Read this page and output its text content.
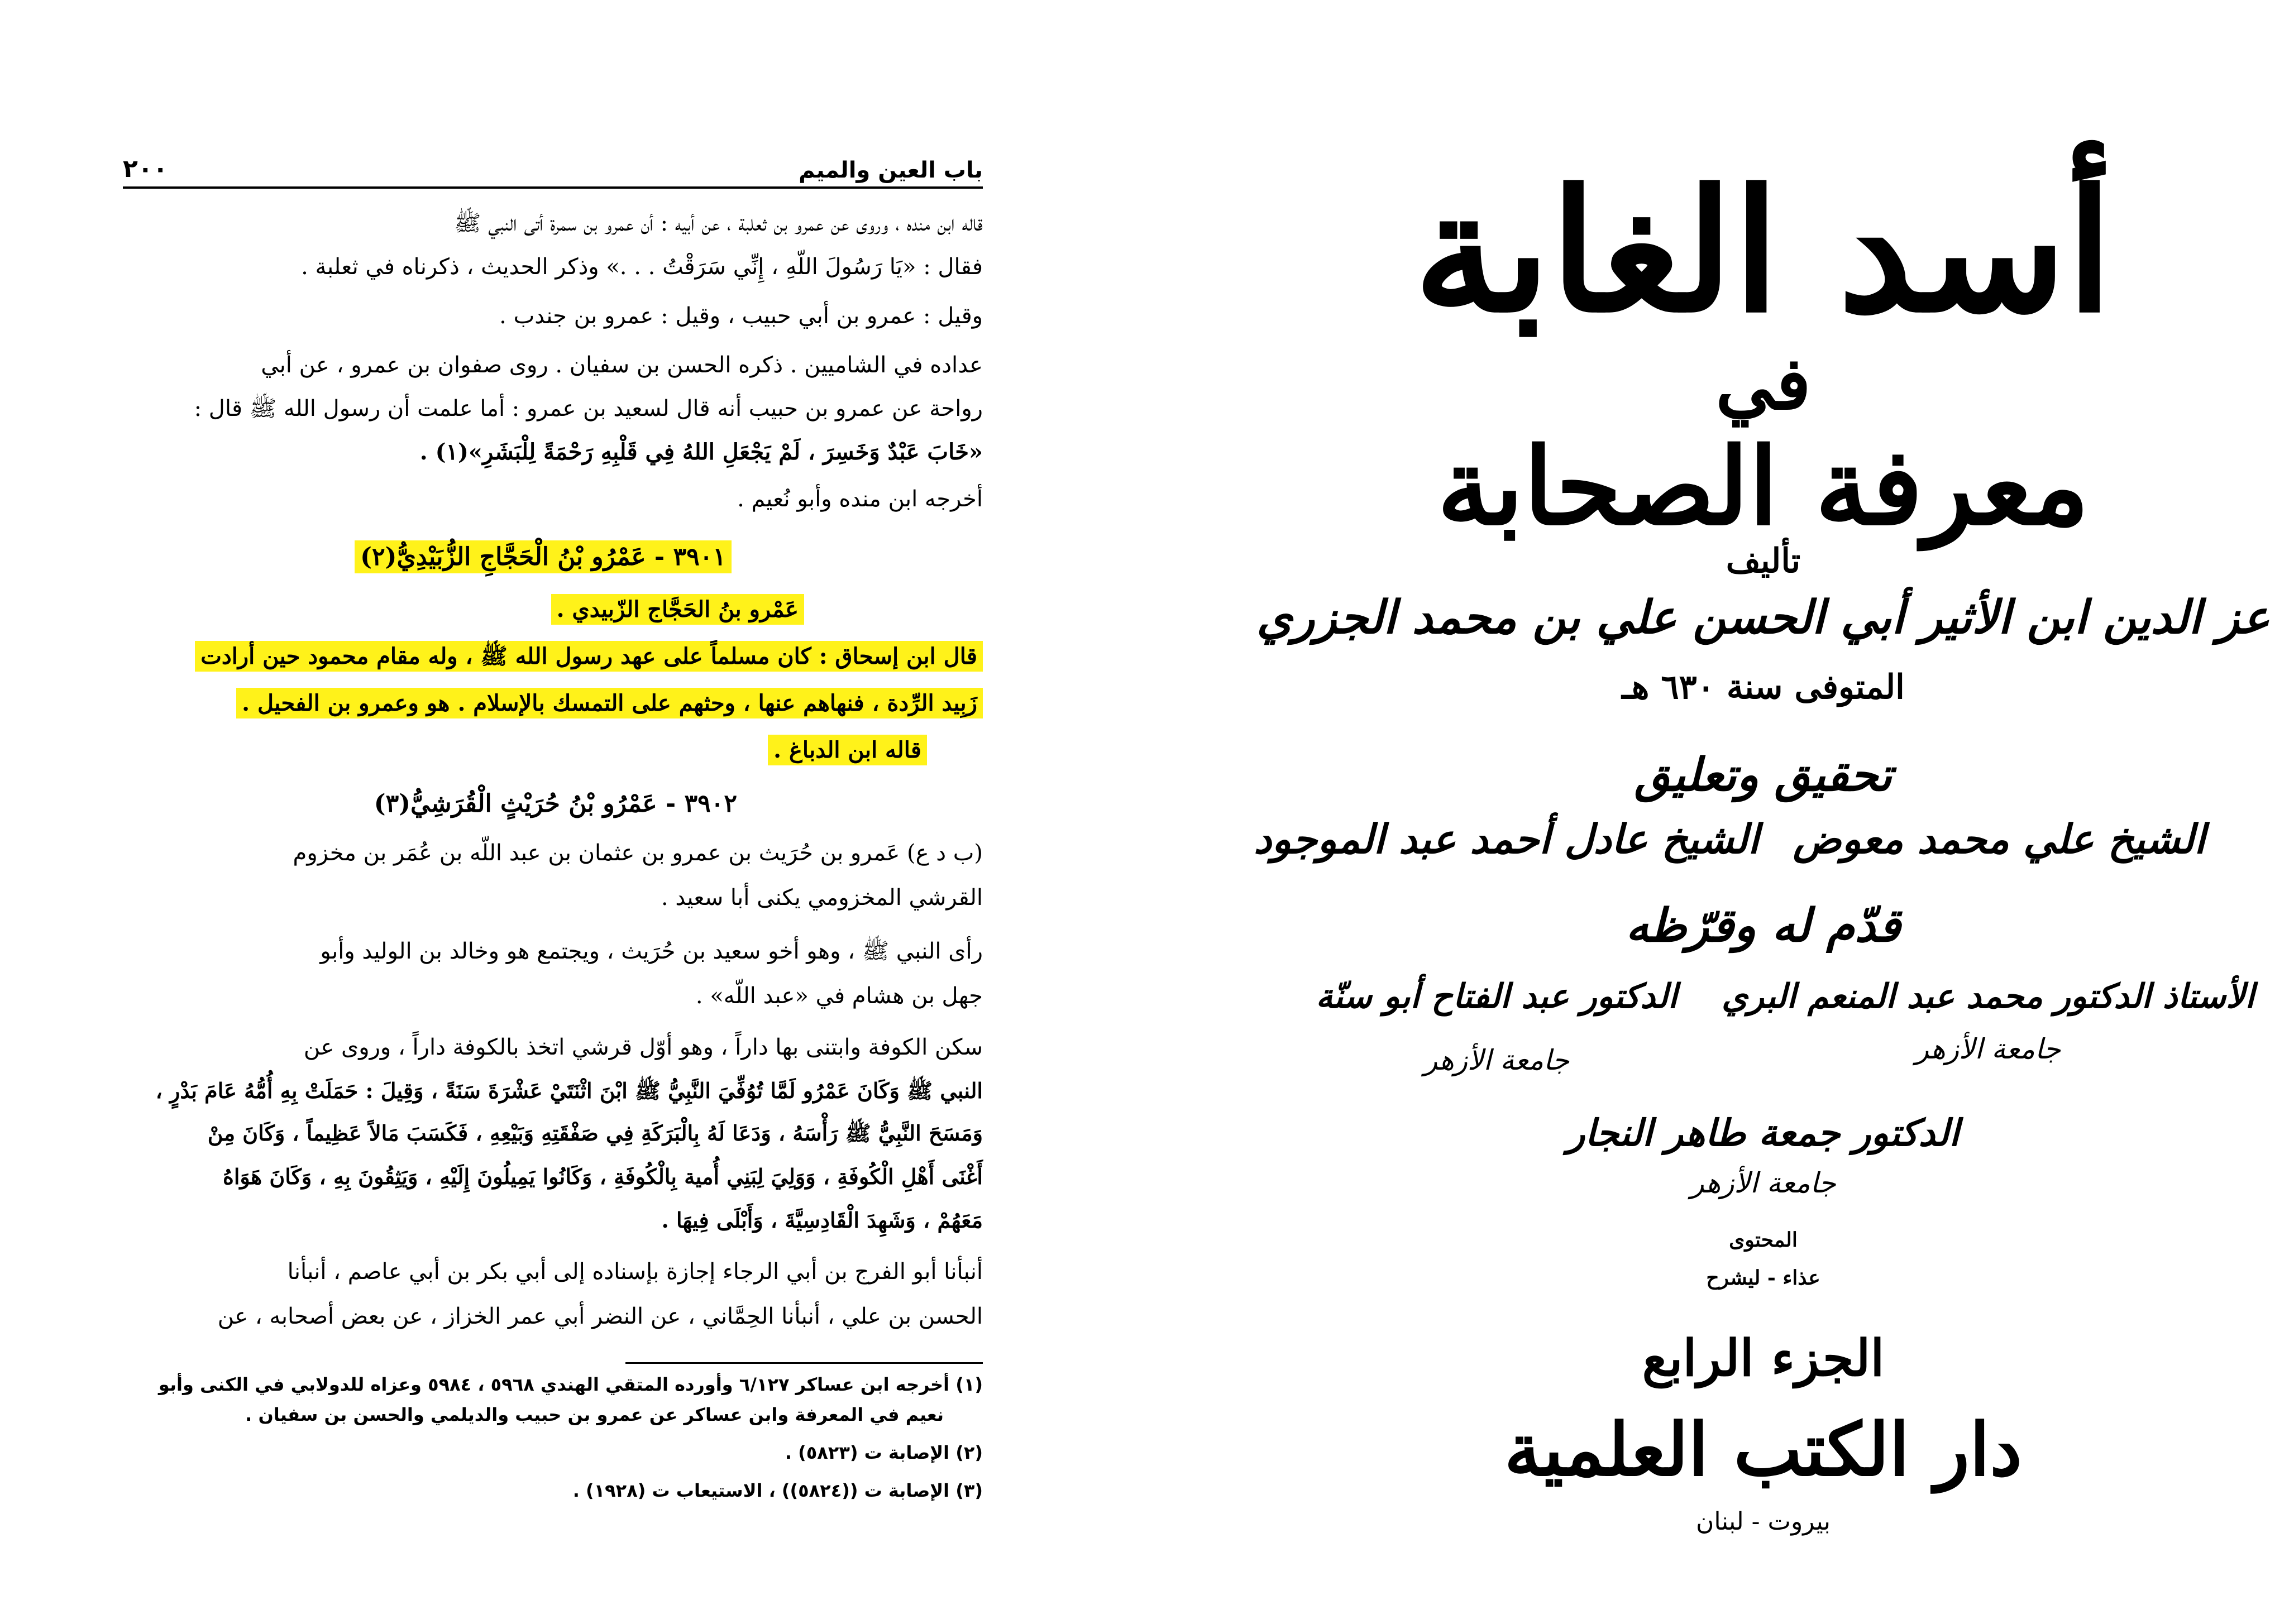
٢٠٠	باب العين والميم
قاله ابن منده ، وروى عن عمرو بن ثعلبة ، عن أبيه : أن عمرو بن سمرة أتى النبي ﷺ
فقال : «يَا رَسُولَ اللّهِ ، إِنِّي سَرَقْتُ . . .» وذكر الحديث ، ذكرناه في ثعلبة .
وقيل : عمرو بن أبي حبيب ، وقيل : عمرو بن جندب .
عداده في الشاميين . ذكره الحسن بن سفيان . روى صفوان بن عمرو ، عن أبي
رواحة عن عمرو بن حبيب أنه قال لسعيد بن عمرو : أما علمت أن رسول الله ﷺ قال :
«خَابَ عَبْدٌ وَخَسِرَ ، لَمْ يَجْعَلِ اللهُ فِي قَلْبِهِ رَحْمَةً لِلْبَشَرِ»(١) .
أخرجه ابن منده وأبو نُعيم .
٣٩٠١ - عَمْرُو بْنُ الْحَجَّاجِ الزُّبَيْدِيُّ(٢)
عَمْرو بنُ الحَجَّاج الزّبيدي .
قال ابن إسحاق : كان مسلماً على عهد رسول الله ﷺ ، وله مقام محمود حين أرادت
زَبِيد الرِّدة ، فنهاهم عنها ، وحثهم على التمسك بالإسلام . هو وعمرو بن الفحيل .
قاله ابن الدباغ .
٣٩٠٢ - عَمْرُو بْنُ حُرَيْثٍ الْقُرَشِيُّ(٣)
(ب د ع) عَمرو بن حُرَيث بن عمرو بن عثمان بن عبد اللّه بن عُمَر بن مخزوم
القرشي المخزومي يكنى أبا سعيد .
رأى النبي ﷺ ، وهو أخو سعيد بن حُرَيث ، ويجتمع هو وخالد بن الوليد وأبو
جهل بن هشام في «عبد اللّه» .
سكن الكوفة وابتنى بها داراً ، وهو أوّل قرشي اتخذ بالكوفة داراً ، وروى عن
النبي ﷺ وَكَانَ عَمْرُو لَمَّا تُوُفِّيَ النَّبِيُّ ﷺ ابْنَ اثْنَتَيْ عَشْرَةَ سَنَةً ، وَقِيلَ : حَمَلَتْ بِهِ أُمُّهُ عَامَ بَدْرٍ ،
وَمَسَحَ النَّبِيُّ ﷺ رَأْسَهُ ، وَدَعَا لَهُ بِالْبَرَكَةِ فِي صَفْقَتِهِ وَبَيْعِهِ ، فَكَسَبَ مَالاً عَظِيماً ، وَكَانَ مِنْ
أَغْنَى أَهْلِ الْكُوفَةِ ، وَوَلِيَ لِبَنِي أُمية بِالْكُوفَةِ ، وَكَانُوا يَمِيلُونَ إِلَيْهِ ، وَيَثِقُونَ بِهِ ، وَكَانَ هَوَاهُ
مَعَهُمْ ، وَشَهِدَ الْقَادِسِيَّةَ ، وَأَبْلَى فِيهَا .
أنبأنا أبو الفرج بن أبي الرجاء إجازة بإسناده إلى أبي بكر بن أبي عاصم ، أنبأنا
الحسن بن علي ، أنبأنا الحِمَّاني ، عن النضر أبي عمر الخزاز ، عن بعض أصحابه ، عن
(١) أخرجه ابن عساكر ٦/١٢٧ وأورده المتقي الهندي ٥٩٦٨ ، ٥٩٨٤ وعزاه للدولابي في الكنى وأبو
نعيم في المعرفة وابن عساكر عن عمرو بن حبيب والديلمي والحسن بن سفيان .
(٢) الإصابة ت (٥٨٢٣) .
(٣) الإصابة ت ((٥٨٢٤)) ، الاستيعاب ت (١٩٢٨) .
أسد الغابة
في
معرفة الصحابة
تأليف
عز الدين ابن الأثير أبي الحسن علي بن محمد الجزري
المتوفى سنة ٦٣٠ هـ
تحقيق وتعليق
الشيخ علي محمد معوض
الشيخ عادل أحمد عبد الموجود
قدّم له وقرّظه
الأستاذ الدكتور محمد عبد المنعم البري
الدكتور عبد الفتاح أبو سنّة
جامعة الأزهر
جامعة الأزهر
الدكتور جمعة طاهر النجار
جامعة الأزهر
المحتوى
عذاء - ليشرح
الجزء الرابع
دار الكتب العلمية
بيروت - لبنان
